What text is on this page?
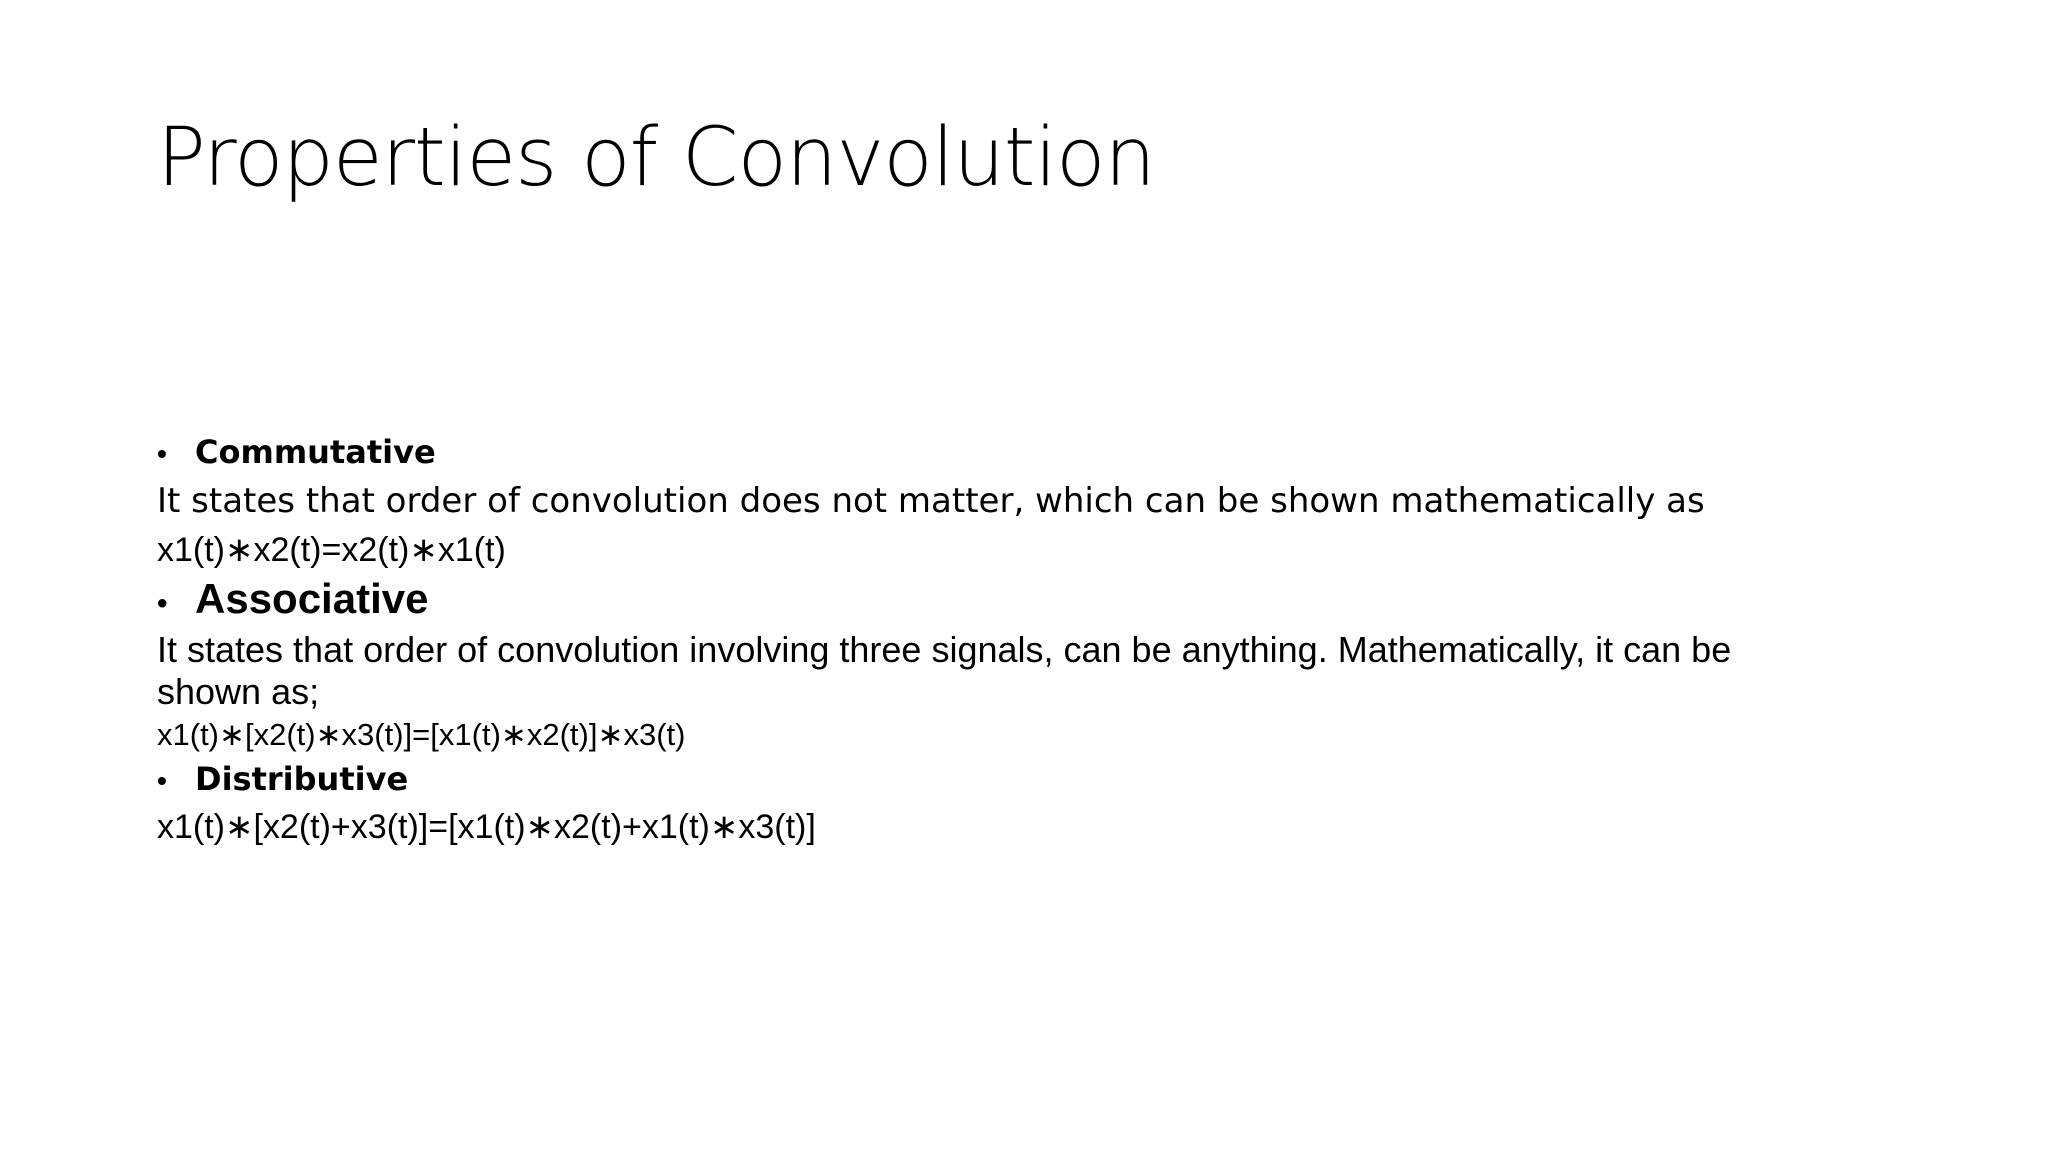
Properties of Convolution
• Commutative
It states that order of convolution does not matter, which can be shown mathematically as
x1(t)∗x2(t)=x2(t)∗x1(t)
• Associative
It states that order of convolution involving three signals, can be anything. Mathematically, it can be shown as;
x1(t)∗[x2(t)∗x3(t)]=[x1(t)∗x2(t)]∗x3(t)
• Distributive
x1(t)∗[x2(t)+x3(t)]=[x1(t)∗x2(t)+x1(t)∗x3(t)]
